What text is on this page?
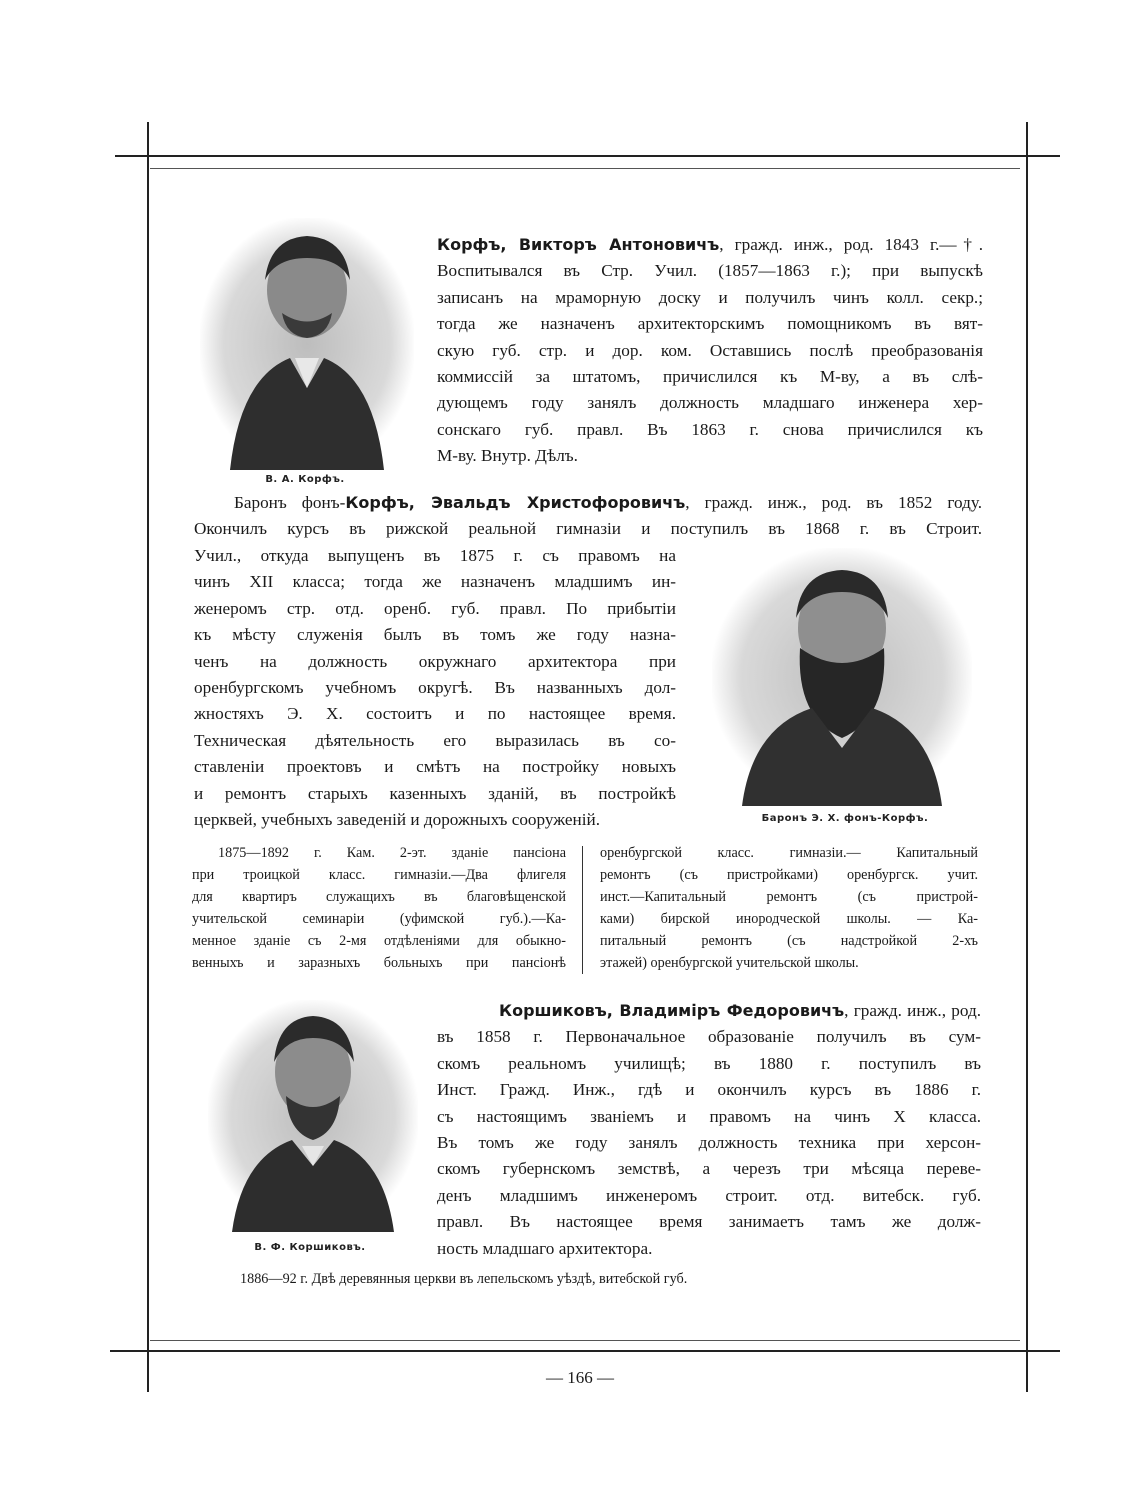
В. А. Корфъ.
Корфъ, Викторъ Антоновичъ, гражд. инж., род. 1843 г.—†.
Воспитывался въ Стр. Учил. (1857—1863 г.); при выпускѣ
записанъ на мраморную доску и получилъ чинъ колл. секр.;
тогда же назначенъ архитекторскимъ помощникомъ въ вят-
скую губ. стр. и дор. ком. Оставшись послѣ преобразованія
коммиссій за штатомъ, причислился къ М-ву, а въ слѣ-
дующемъ году занялъ должность младшаго инженера хер-
сонскаго губ. правл. Въ 1863 г. снова причислился къ
М-ву. Внутр. Дѣлъ.
Баронъ фонъ-Корфъ, Эвальдъ Христофоровичъ, гражд. инж., род. въ 1852 году.
Окончилъ курсъ въ рижской реальной гимназіи и поступилъ въ 1868 г. въ Строит.
Учил., откуда выпущенъ въ 1875 г. съ правомъ на
чинъ XII класса; тогда же назначенъ младшимъ ин-
женеромъ стр. отд. оренб. губ. правл. По прибытіи
къ мѣсту служенія былъ въ томъ же году назна-
ченъ на должность окружнаго архитектора при
оренбургскомъ учебномъ округѣ. Въ названныхъ дол-
жностяхъ Э. Х. состоитъ и по настоящее время.
Техническая дѣятельность его выразилась въ со-
ставленіи проектовъ и смѣтъ на постройку новыхъ
и ремонтъ старыхъ казенныхъ зданій, въ постройкѣ
церквей, учебныхъ заведеній и дорожныхъ сооруженій.	Баронъ Э. Х. фонъ-Корфъ.
1875—1892 г. Кам. 2-эт. зданіе пансіона
при троицкой класс. гимназіи.—Два флигеля
для квартиръ служащихъ въ благовѣщенской
учительской семинаріи (уфимской губ.).—Ка-
менное зданіе съ 2-мя отдѣленіями для обыкно-
венныхъ и заразныхъ больныхъ при пансіонѣ
оренбургской класс. гимназіи.— Капитальный
ремонтъ (съ пристройками) оренбургск. учит.
инст.—Капитальный ремонтъ (съ пристрой-
ками) бирской инородческой школы. — Ка-
питальный ремонтъ (съ надстройкой 2-хъ
этажей) оренбургской учительской школы.
В. Ф. Коршиковъ.
Коршиковъ, Владиміръ Федоровичъ, гражд. инж., род.
въ 1858 г. Первоначальное образованіе получилъ въ сум-
скомъ реальномъ училищѣ; въ 1880 г. поступилъ въ
Инст. Гражд. Инж., гдѣ и окончилъ курсъ въ 1886 г.
съ настоящимъ званіемъ и правомъ на чинъ X класса.
Въ томъ же году занялъ должность техника при херсон-
скомъ губернскомъ земствѣ, а черезъ три мѣсяца переве-
денъ младшимъ инженеромъ строит. отд. витебск. губ.
правл. Въ настоящее время занимаетъ тамъ же долж-
ность младшаго архитектора.
1886—92 г. Двѣ деревянныя церкви въ лепельскомъ уѣздѣ, витебской губ.
— 166 —
